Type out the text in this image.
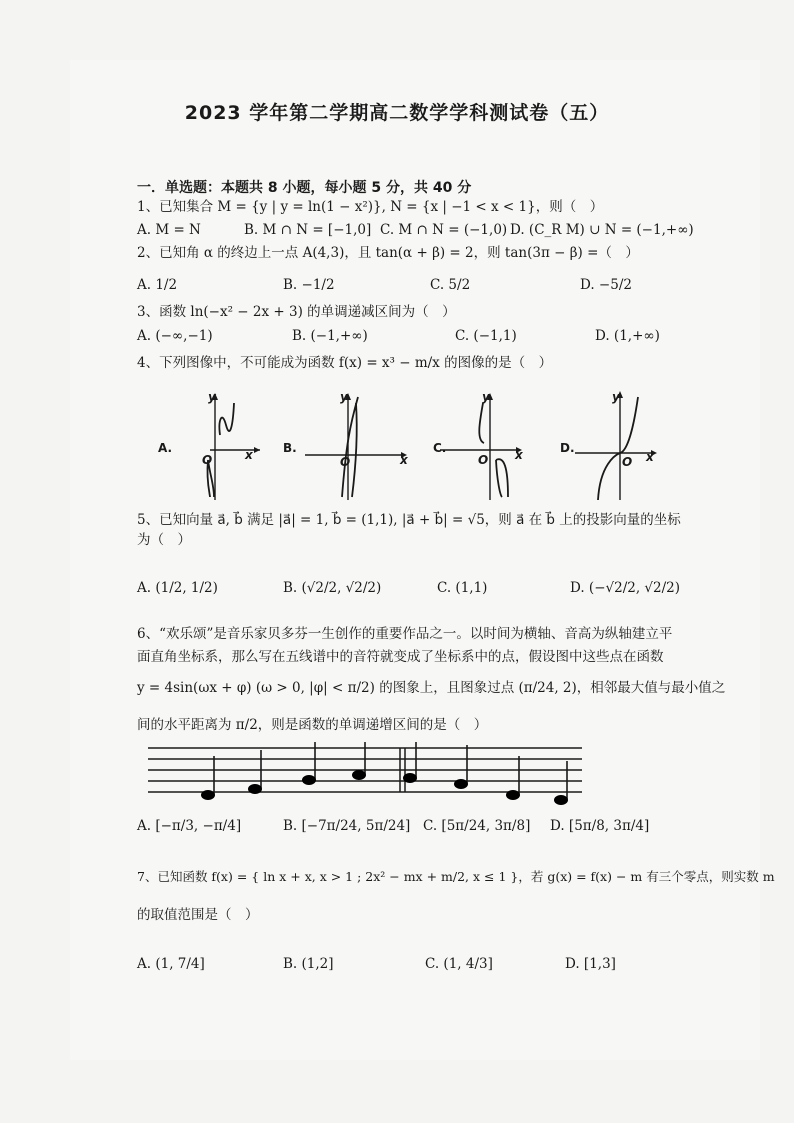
2023 学年第二学期高二数学学科测试卷（五）
一．单选题：本题共 8 小题，每小题 5 分，共 40 分
1、已知集合 M = {y | y = ln(1 − x²)}, N = {x | −1 < x < 1}，则（　）
A. M = N	B. M ∩ N = [−1,0] C. M ∩ N = (−1,0) D. (C_R M) ∪ N = (−1,+∞)
2、已知角 α 的终边上一点 A(4,3)，且 tan(α + β) = 2，则 tan(3π − β) =（　）
A. 1/2	B. −1/2	C. 5/2	D. −5/2
3、函数 ln(−x² − 2x + 3) 的单调递减区间为（　）
A. (−∞,−1)	B. (−1,+∞)	C. (−1,1)	D. (1,+∞)
4、下列图像中，不可能成为函数 f(x) = x³ − m/x 的图像的是（　）
A.	B.	C.	D.
y
x
O
y
x
O
y
x
O
y
x
O
5、已知向量 a⃗, b⃗ 满足 |a⃗| = 1, b⃗ = (1,1), |a⃗ + b⃗| = √5，则 a⃗ 在 b⃗ 上的投影向量的坐标
为（　）
A. (1/2, 1/2)	B. (√2/2, √2/2)	C. (1,1)	D. (−√2/2, √2/2)
6、“欢乐颂”是音乐家贝多芬一生创作的重要作品之一。以时间为横轴、音高为纵轴建立平
面直角坐标系，那么写在五线谱中的音符就变成了坐标系中的点，假设图中这些点在函数
y = 4sin(ωx + φ) (ω > 0, |φ| < π/2) 的图象上，且图象过点 (π/24, 2)，相邻最大值与最小值之
间的水平距离为 π/2，则是函数的单调递增区间的是（　）
A. [−π/3, −π/4]	B. [−7π/24, 5π/24] C. [5π/24, 3π/8] D. [5π/8, 3π/4]
7、已知函数 f(x) = { ln x + x, x > 1 ; 2x² − mx + m/2, x ≤ 1 }，若 g(x) = f(x) − m 有三个零点，则实数 m
的取值范围是（　）
A. (1, 7/4]	B. (1,2]	C. (1, 4/3]	D. [1,3]
